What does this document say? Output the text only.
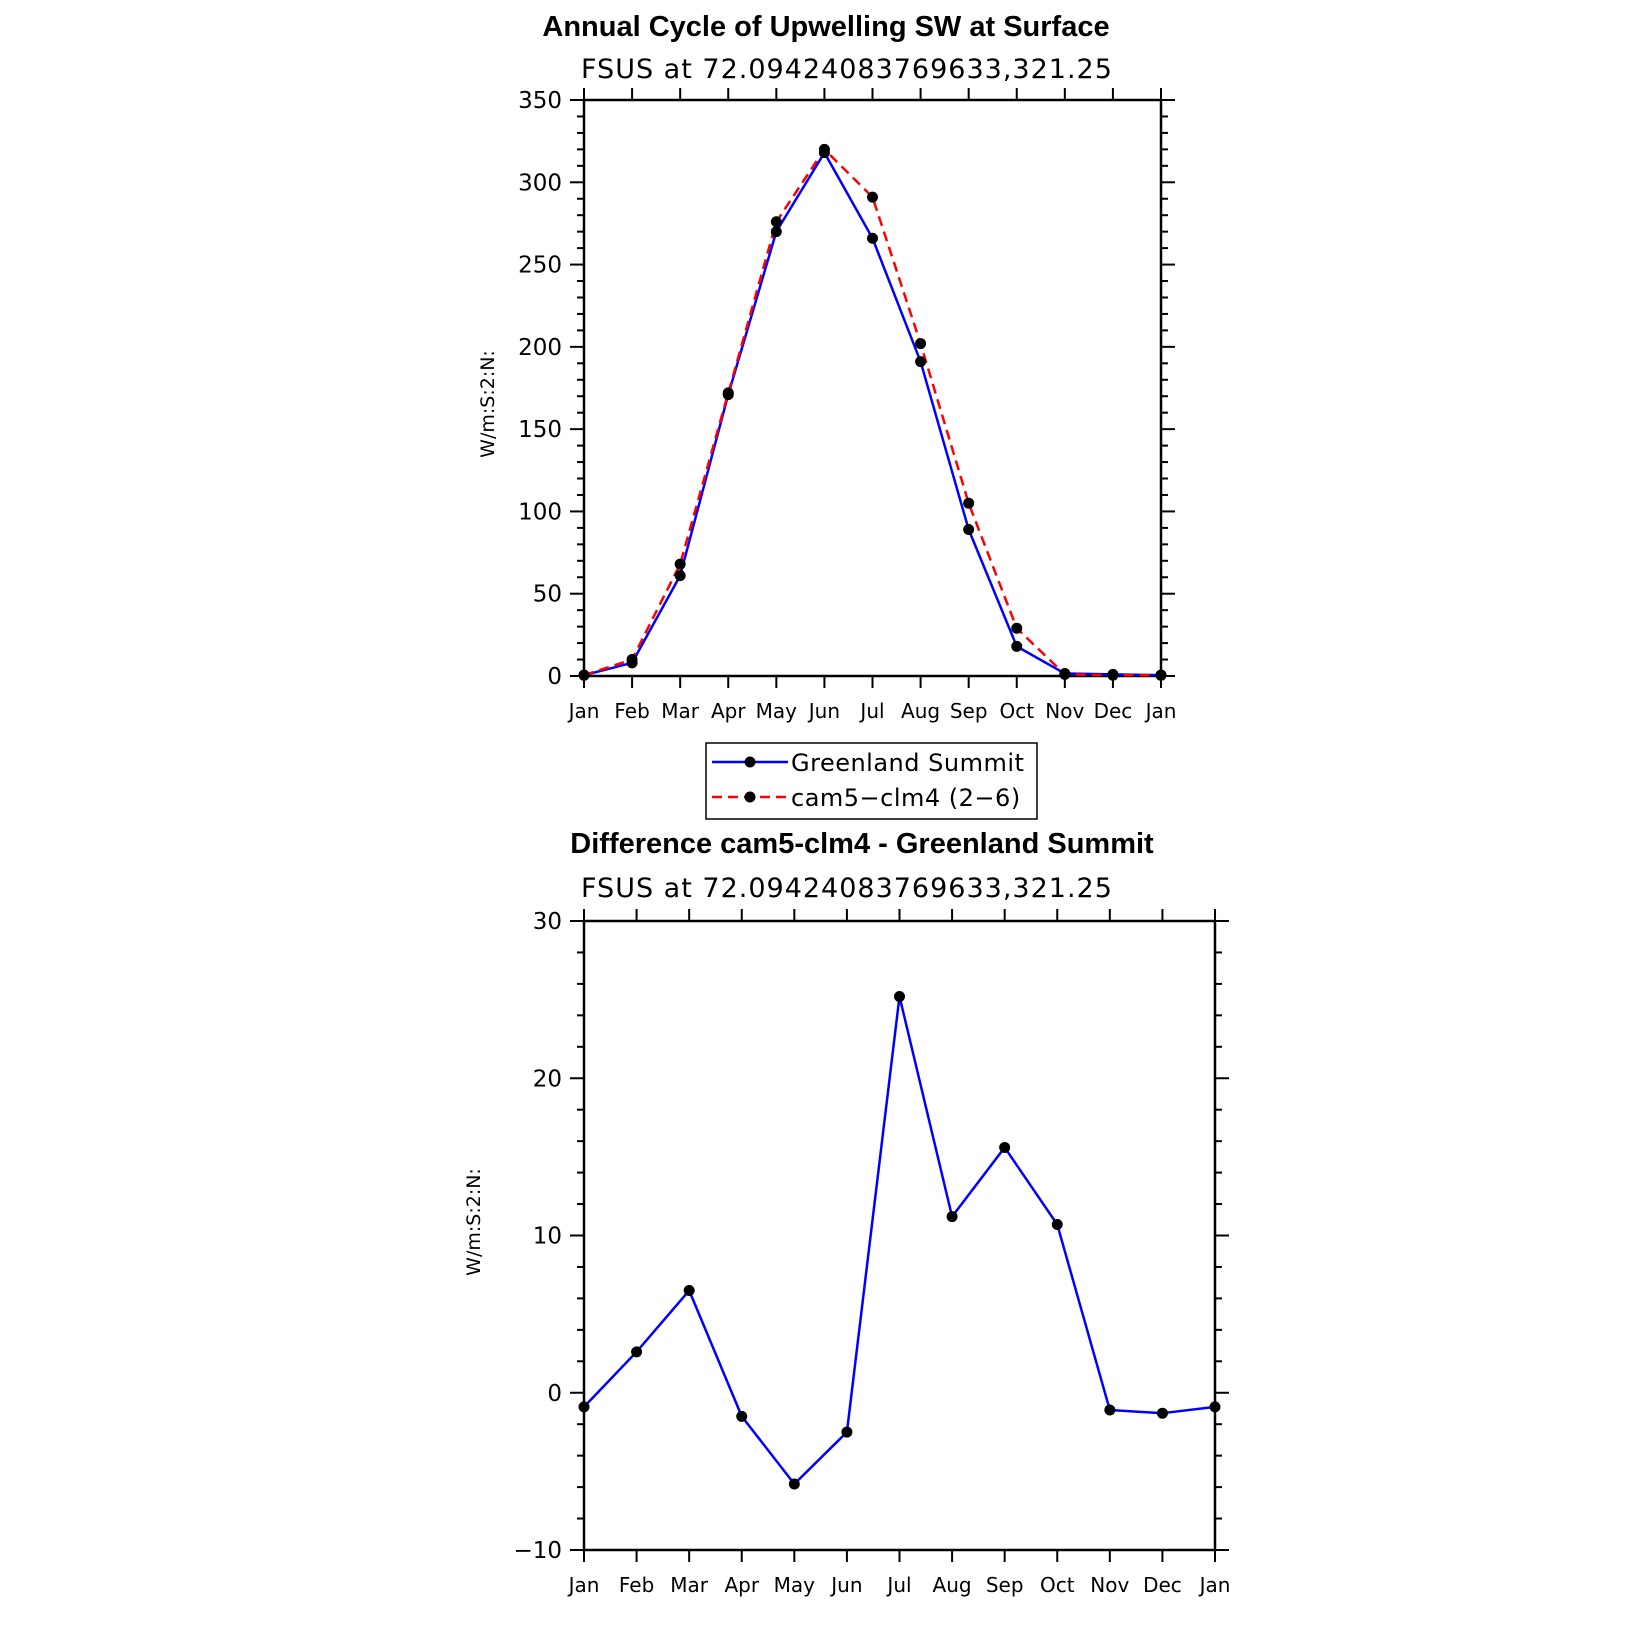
Annual Cycle of Upwelling SW at Surface
FSUS at 72.09424083769633,321.25
W/m:S:2:N:
0
50
100
150
200
250
300
350
Jan Feb Mar Apr May Jun Jul Aug Sep Oct Nov Dec Jan
Greenland Summit
cam5−clm4 (2−6)
Difference cam5-clm4 - Greenland Summit
FSUS at 72.09424083769633,321.25
W/m:S:2:N:
−10
0
10
20
30
Jan Feb Mar Apr May Jun Jul Aug Sep Oct Nov Dec Jan
